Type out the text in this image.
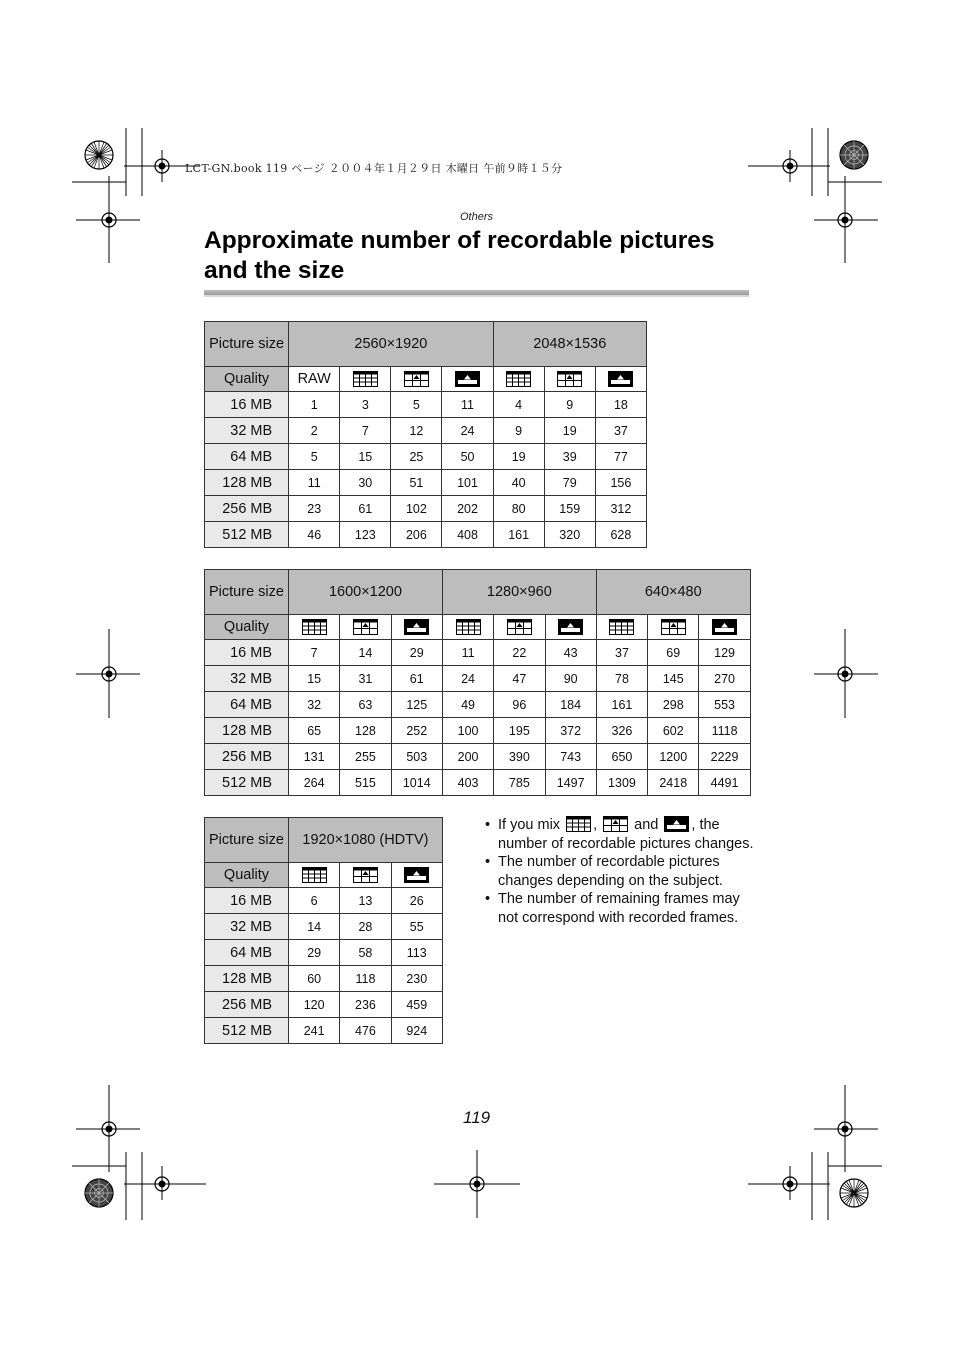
LCT-GN.book 119 ページ ２００４年１月２９日 木曜日 午前９時１５分
Others
Approximate number of recordable pictures and the size
Picture size	2560×1920				2048×1536		
Quality	RAW						
16 MB	1	3	5	11	4	9	18
32 MB	2	7	12	24	9	19	37
64 MB	5	15	25	50	19	39	77
128 MB	11	30	51	101	40	79	156
256 MB	23	61	102	202	80	159	312
512 MB	46	123	206	408	161	320	628
Picture size	1600×1200			1280×960			640×480		
Quality									
16 MB	7	14	29	11	22	43	37	69	129
32 MB	15	31	61	24	47	90	78	145	270
64 MB	32	63	125	49	96	184	161	298	553
128 MB	65	128	252	100	195	372	326	602	1118
256 MB	131	255	503	200	390	743	650	1200	2229
512 MB	264	515	1014	403	785	1497	1309	2418	4491
Picture size	1920×1080 (HDTV)		
Quality			
16 MB	6	13	26
32 MB	14	28	55
64 MB	29	58	113
128 MB	60	118	230
256 MB	120	236	459
512 MB	241	476	924
• If you mix ,	and , the number of recordable pictures changes.
• The number of recordable pictures changes depending on the subject.
• The number of remaining frames may not correspond with recorded frames.
119
